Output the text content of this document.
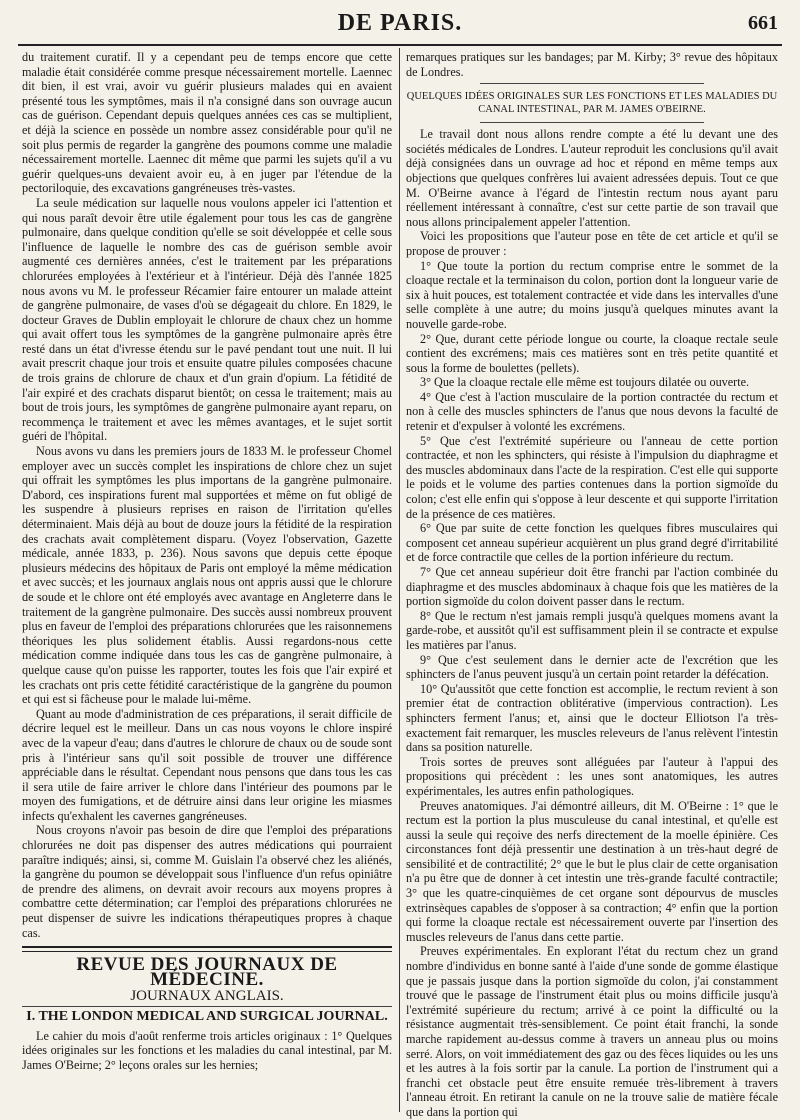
DE PARIS.	661

du traitement curatif. Il y a cependant peu de temps encore que cette maladie était considérée comme presque nécessairement mortelle. Laennec dit bien, il est vrai, avoir vu guérir plusieurs malades qui en avaient présenté tous les symptômes, mais il n'a consigné dans son ouvrage aucun cas de guérison. Cependant depuis quelques années ces cas se multiplient, et déjà la science en possède un nombre assez considérable pour qu'il ne soit plus permis de regarder la gangrène des poumons comme une maladie nécessairement mortelle. Laennec dit même que parmi les sujets qu'il a vu guérir quelques-uns devaient avoir eu, à en juger par l'étendue de la pectoriloquie, des excavations gangréneuses très-vastes.

La seule médication sur laquelle nous voulons appeler ici l'attention et qui nous paraît devoir être utile également pour tous les cas de gangrène pulmonaire, dans quelque condition qu'elle se soit développée et celle sous l'influence de laquelle le nombre des cas de guérison semble avoir augmenté ces dernières années, c'est le traitement par les préparations chlorurées employées à l'extérieur et à l'intérieur. Déjà dès l'année 1825 nous avons vu M. le professeur Récamier faire entourer un malade atteint de gangrène pulmonaire, de vases d'où se dégageait du chlore. En 1829, le docteur Graves de Dublin employait le chlorure de chaux chez un homme qui avait offert tous les symptômes de la gangrène pulmonaire après être resté dans un état d'ivresse étendu sur le pavé pendant tout une nuit. Il lui avait prescrit chaque jour trois et ensuite quatre pilules composées chacune de trois grains de chlorure de chaux et d'un grain d'opium. La fétidité de l'air expiré et des crachats disparut bientôt; on cessa le traitement; mais au bout de trois jours, les symptômes de gangrène pulmonaire ayant reparu, on recommença le traitement et avec les mêmes avantages, et le sujet sortit guéri de l'hôpital.

Nous avons vu dans les premiers jours de 1833 M. le professeur Chomel employer avec un succès complet les inspirations de chlore chez un sujet qui offrait les symptômes les plus importans de la gangrène pulmonaire. D'abord, ces inspirations furent mal supportées et même on fut obligé de les suspendre à plusieurs reprises en raison de l'irritation qu'elles déterminaient. Mais déjà au bout de douze jours la fétidité de la respiration des crachats avait complètement disparu. (Voyez l'observation, Gazette médicale, année 1833, p. 236). Nous savons que depuis cette époque plusieurs médecins des hôpitaux de Paris ont employé la même médication et avec succès; et les journaux anglais nous ont appris aussi que le chlorure de soude et le chlore ont été employés avec avantage en Angleterre dans le traitement de la gangrène pulmonaire. Des succès aussi nombreux prouvent plus en faveur de l'emploi des préparations chlorurées que les raisonnemens théoriques les plus solidement établis. Aussi regardons-nous cette médication comme indiquée dans tous les cas de gangrène pulmonaire, à quelque cause qu'on puisse les rapporter, toutes les fois que l'air expiré et les crachats ont pris cette fétidité caractéristique de la gangrène du poumon et qui est si fâcheuse pour le malade lui-même.

Quant au mode d'administration de ces préparations, il serait difficile de décrire lequel est le meilleur. Dans un cas nous voyons le chlore inspiré avec de la vapeur d'eau; dans d'autres le chlorure de chaux ou de soude sont pris à l'intérieur sans qu'il soit possible de trouver une différence appréciable dans le résultat. Cependant nous pensons que dans tous les cas il sera utile de faire arriver le chlore dans l'intérieur des poumons par le moyen des fumigations, et de détruire ainsi dans leur origine les miasmes infects qu'exhalent les cavernes gangréneuses.

Nous croyons n'avoir pas besoin de dire que l'emploi des préparations chlorurées ne doit pas dispenser des autres médications qui pourraient paraître indiqués; ainsi, si, comme M. Guislain l'a observé chez les aliénés, la gangrène du poumon se développait sous l'influence d'un refus opiniâtre de prendre des alimens, on devrait avoir recours aux moyens propres à combattre cette détermination; car l'emploi des préparations chlorurées ne peut dispenser de suivre les indications thérapeutiques propres à chaque cas.

REVUE DES JOURNAUX DE MÉDECINE.
JOURNAUX ANGLAIS.
I. THE LONDON MEDICAL AND SURGICAL JOURNAL.

Le cahier du mois d'août renferme trois articles originaux : 1° Quelques idées originales sur les fonctions et les maladies du canal intestinal, par M. James O'Beirne; 2° leçons orales sur les hernies;

remarques pratiques sur les bandages; par M. Kirby; 3° revue des hôpitaux de Londres.

QUELQUES IDÉES ORIGINALES SUR LES FONCTIONS ET LES MALADIES DU CANAL INTESTINAL, PAR M. JAMES O'BEIRNE.

Le travail dont nous allons rendre compte a été lu devant une des sociétés médicales de Londres. L'auteur reproduit les conclusions qu'il avait déjà consignées dans un ouvrage ad hoc et répond en même temps aux objections que quelques confrères lui avaient adressées depuis. Tout ce que M. O'Beirne avance à l'égard de l'intestin rectum nous ayant paru réellement intéressant à connaître, c'est sur cette partie de son travail que nous allons principalement appeler l'attention.

Voici les propositions que l'auteur pose en tête de cet article et qu'il se propose de prouver :

1° Que toute la portion du rectum comprise entre le sommet de la cloaque rectale et la terminaison du colon, portion dont la longueur varie de six à huit pouces, est totalement contractée et vide dans les intervalles d'une selle complète à une autre; du moins jusqu'à quelques minutes avant la nouvelle garde-robe.

2° Que, durant cette période longue ou courte, la cloaque rectale seule contient des excrémens; mais ces matières sont en très petite quantité et sous la forme de boulettes (pellets).

3° Que la cloaque rectale elle même est toujours dilatée ou ouverte.

4° Que c'est à l'action musculaire de la portion contractée du rectum et non à celle des muscles sphincters de l'anus que nous devons la faculté de retenir et d'expulser à volonté les excrémens.

5° Que c'est l'extrémité supérieure ou l'anneau de cette portion contractée, et non les sphincters, qui résiste à l'impulsion du diaphragme et des muscles abdominaux dans l'acte de la respiration. C'est elle qui supporte le poids et le volume des parties contenues dans la portion sigmoïde du colon; c'est elle enfin qui s'oppose à leur descente et qui supporte l'irritation de la présence de ces matières.

6° Que par suite de cette fonction les quelques fibres musculaires qui composent cet anneau supérieur acquièrent un plus grand degré d'irritabilité et de force contractile que celles de la portion inférieure du rectum.

7° Que cet anneau supérieur doit être franchi par l'action combinée du diaphragme et des muscles abdominaux à chaque fois que les matières de la portion sigmoïde du colon doivent passer dans le rectum.

8° Que le rectum n'est jamais rempli jusqu'à quelques momens avant la garde-robe, et aussitôt qu'il est suffisamment plein il se contracte et expulse les matières par l'anus.

9° Que c'est seulement dans le dernier acte de l'excrétion que les sphincters de l'anus peuvent jusqu'à un certain point retarder la défécation.

10° Qu'aussitôt que cette fonction est accomplie, le rectum revient à son premier état de contraction oblitérative (impervious contraction). Les sphincters ferment l'anus; et, ainsi que le docteur Elliotson l'a très-exactement fait remarquer, les muscles releveurs de l'anus relèvent l'intestin dans sa position naturelle.

Trois sortes de preuves sont alléguées par l'auteur à l'appui des propositions qui précèdent : les unes sont anatomiques, les autres expérimentales, les autres enfin pathologiques.

Preuves anatomiques. J'ai démontré ailleurs, dit M. O'Beirne : 1° que le rectum est la portion la plus musculeuse du canal intestinal, et qu'elle est aussi la seule qui reçoive des nerfs directement de la moelle épinière. Ces circonstances font déjà pressentir une destination à un très-haut degré de sensibilité et de contractilité; 2° que le but le plus clair de cette organisation n'a pu être que de donner à cet intestin une très-grande faculté contractile; 3° que les quatre-cinquièmes de cet organe sont dépourvus de muscles extrinsèques capables de s'opposer à sa contraction; 4° enfin que la portion qui forme la cloaque rectale est nécessairement ouverte par l'insertion des muscles releveurs de l'anus dans cette partie.

Preuves expérimentales. En explorant l'état du rectum chez un grand nombre d'individus en bonne santé à l'aide d'une sonde de gomme élastique que je passais jusque dans la portion sigmoïde du colon, j'ai constamment trouvé que le passage de l'instrument était plus ou moins difficile jusqu'à l'extrémité supérieure du rectum; arrivé à ce point la difficulté ou la résistance augmentait très-sensiblement. Ce point était franchi, la sonde marche rapidement au-dessus comme à travers un anneau plus ou moins serré. Alors, on voit immédiatement des gaz ou des fèces liquides ou les uns et les autres à la fois sortir par la canule. La portion de l'instrument qui a franchi cet obstacle peut être ensuite remuée très-librement à travers l'anneau étroit. En retirant la canule on ne la trouve salie de matière fécale que dans la portion qui
